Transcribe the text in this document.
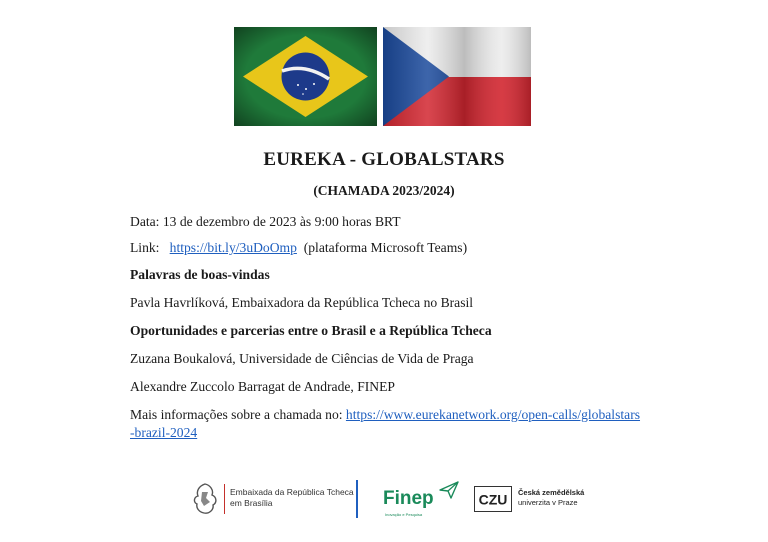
EUREKA - GLOBALSTARS
(CHAMADA 2023/2024)
Data: 13 de dezembro de 2023 às 9:00 horas BRT
Link: https://bit.ly/3uDoOmp (plataforma Microsoft Teams)
Palavras de boas-vindas
Pavla Havrlíková, Embaixadora da República Tcheca no Brasil
Oportunidades e parcerias entre o Brasil e a República Tcheca
Zuzana Boukalová, Universidade de Ciências de Vida de Praga
Alexandre Zuccolo Barragat de Andrade, FINEP
Mais informações sobre a chamada no: https://www.eurekanetwork.org/open-calls/globalstars-brazil-2024
Embaixada da República Tcheca
em Brasília	Finep
Inovação e Pesquisa
CZU Česká zemědělská
univerzita v Praze
